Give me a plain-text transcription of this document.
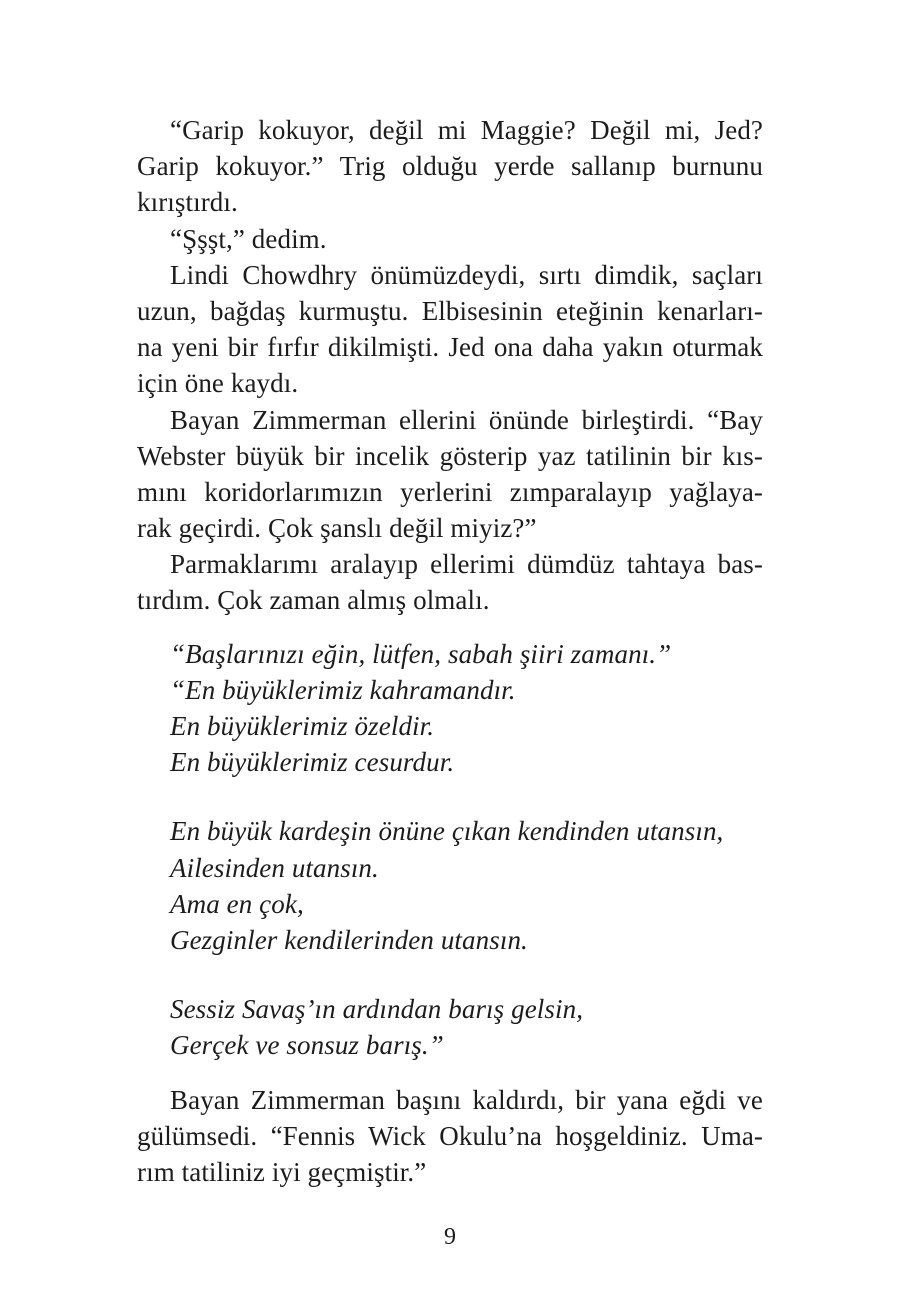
“Garip kokuyor, değil mi Maggie? Değil mi, Jed?
Garip kokuyor.” Trig olduğu yerde sallanıp burnunu
kırıştırdı.

“Şşşt,” dedim.

Lindi Chowdhry önümüzdeydi, sırtı dimdik, saçları
uzun, bağdaş kurmuştu. Elbisesinin eteğinin kenarları-
na yeni bir fırfır dikilmişti. Jed ona daha yakın oturmak
için öne kaydı.

Bayan Zimmerman ellerini önünde birleştirdi. “Bay
Webster büyük bir incelik gösterip yaz tatilinin bir kıs-
mını koridorlarımızın yerlerini zımparalayıp yağlaya-
rak geçirdi. Çok şanslı değil miyiz?”

Parmaklarımı aralayıp ellerimi dümdüz tahtaya bas-
tırdım. Çok zaman almış olmalı.

“Başlarınızı eğin, lütfen, sabah şiiri zamanı.”
“En büyüklerimiz kahramandır.
En büyüklerimiz özeldir.
En büyüklerimiz cesurdur.
En büyük kardeşin önüne çıkan kendinden utansın,
Ailesinden utansın.
Ama en çok,
Gezginler kendilerinden utansın.
Sessiz Savaş’ın ardından barış gelsin,
Gerçek ve sonsuz barış.”

Bayan Zimmerman başını kaldırdı, bir yana eğdi ve
gülümsedi. “Fennis Wick Okulu’na hoşgeldiniz. Uma-
rım tatiliniz iyi geçmiştir.”

9
